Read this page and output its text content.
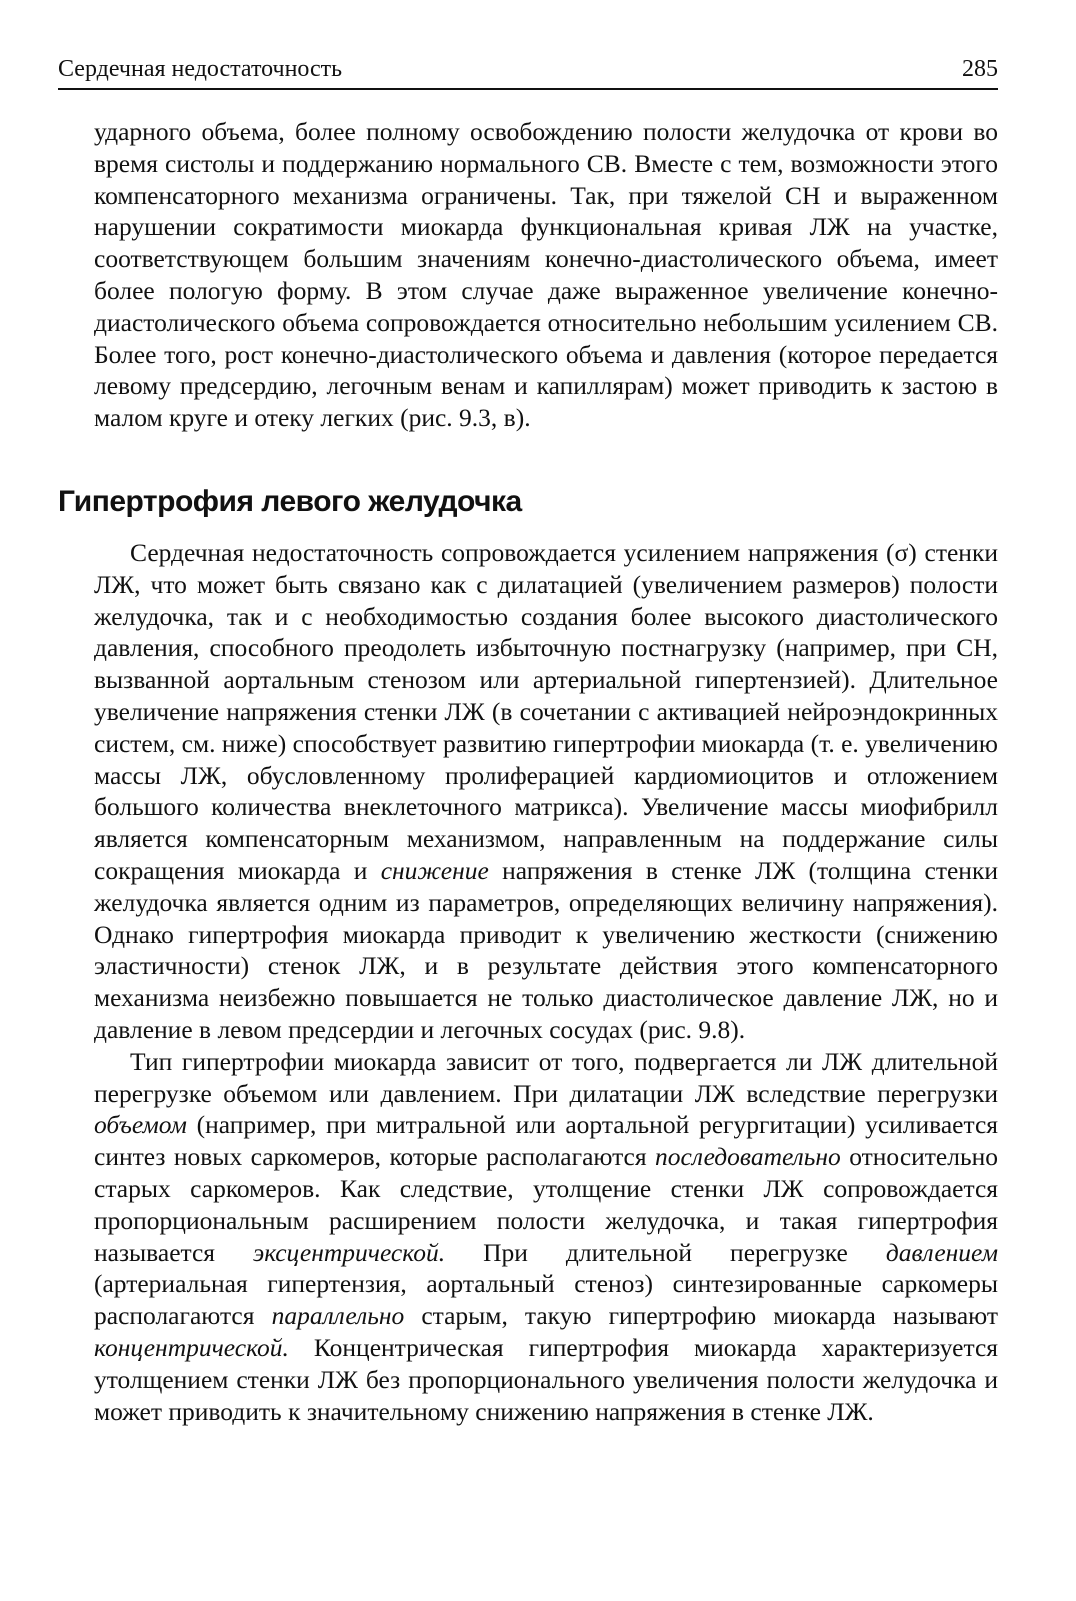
Сердечная недостаточность	285

ударного объема, более полному освобождению полости желудочка от крови во время систолы и поддержанию нормального СВ. Вместе с тем, возможности этого компенсаторного механизма ограничены. Так, при тяжелой СН и выраженном нарушении сократимости миокарда функциональная кривая ЛЖ на участке, соответствующем большим значениям конечно-диастолического объема, имеет более пологую форму. В этом случае даже выраженное увеличение конечно-диастолического объема сопровождается относительно небольшим усилением СВ. Более того, рост конечно-диастолического объема и давления (которое передается левому предсердию, легочным венам и капиллярам) может приводить к застою в малом круге и отеку легких (рис. 9.3, в).

Гипертрофия левого желудочка

Сердечная недостаточность сопровождается усилением напряжения (σ) стенки ЛЖ, что может быть связано как с дилатацией (увеличением размеров) полости желудочка, так и с необходимостью создания более высокого диастолического давления, способного преодолеть избыточную постнагрузку (например, при СН, вызванной аортальным стенозом или артериальной гипертензией). Длительное увеличение напряжения стенки ЛЖ (в сочетании с активацией нейроэндокринных систем, см. ниже) способствует развитию гипертрофии миокарда (т. е. увеличению массы ЛЖ, обусловленному пролиферацией кардиомиоцитов и отложением большого количества внеклеточного матрикса). Увеличение массы миофибрилл является компенсаторным механизмом, направленным на поддержание силы сокращения миокарда и снижение напряжения в стенке ЛЖ (толщина стенки желудочка является одним из параметров, определяющих величину напряжения). Однако гипертрофия миокарда приводит к увеличению жесткости (снижению эластичности) стенок ЛЖ, и в результате действия этого компенсаторного механизма неизбежно повышается не только диастолическое давление ЛЖ, но и давление в левом предсердии и легочных сосудах (рис. 9.8).

Тип гипертрофии миокарда зависит от того, подвергается ли ЛЖ длительной перегрузке объемом или давлением. При дилатации ЛЖ вследствие перегрузки объемом (например, при митральной или аортальной регургитации) усиливается синтез новых саркомеров, которые располагаются последовательно относительно старых саркомеров. Как следствие, утолщение стенки ЛЖ сопровождается пропорциональным расширением полости желудочка, и такая гипертрофия называется эксцентрической. При длительной перегрузке давлением (артериальная гипертензия, аортальный стеноз) синтезированные саркомеры располагаются параллельно старым, такую гипертрофию миокарда называют концентрической. Концентрическая гипертрофия миокарда характеризуется утолщением стенки ЛЖ без пропорционального увеличения полости желудочка и может приводить к значительному снижению напряжения в стенке ЛЖ.
